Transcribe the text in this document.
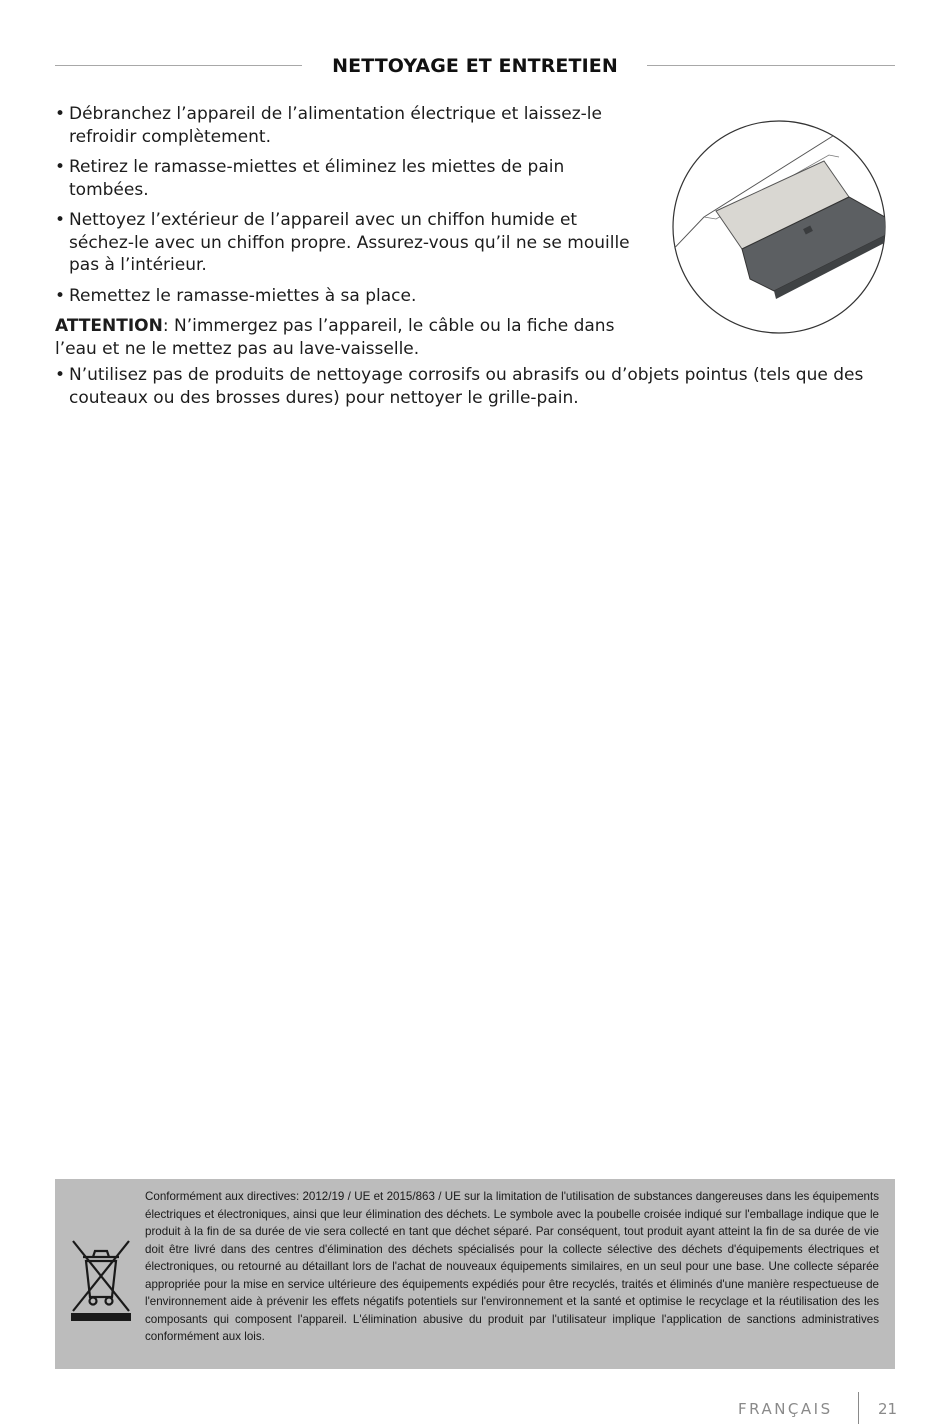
NETTOYAGE ET ENTRETIEN
• Débranchez l’appareil de l’alimentation électrique et laissez-le refroidir complètement.
• Retirez le ramasse-miettes et éliminez les miettes de pain tombées.
• Nettoyez l’extérieur de l’appareil avec un chiffon humide et séchez-le avec un chiffon propre. Assurez-vous qu’il ne se mouille pas à l’intérieur.
• Remettez le ramasse-miettes à sa place.
ATTENTION: N’immergez pas l’appareil, le câble ou la fiche dans l’eau et ne le mettez pas au lave-vaisselle.
• N’utilisez pas de produits de nettoyage corrosifs ou abrasifs ou d’objets pointus (tels que des couteaux ou des brosses dures) pour nettoyer le grille-pain.
Conformément aux directives: 2012/19 / UE et 2015/863 / UE sur la limitation de l'utilisation de substances dangereuses dans les équipements électriques et électroniques, ainsi que leur élimination des déchets. Le symbole avec la poubelle croisée indiqué sur l'emballage indique que le produit à la fin de sa durée de vie sera collecté en tant que déchet séparé. Par conséquent, tout produit ayant atteint la fin de sa durée de vie doit être livré dans des centres d'élimination des déchets spécialisés pour la collecte sélective des déchets d'équipements électriques et électroniques, ou retourné au détaillant lors de l'achat de nouveaux équipements similaires, en un seul pour une base. Une collecte séparée appropriée pour la mise en service ultérieure des équipements expédiés pour être recyclés, traités et éliminés d'une manière respectueuse de l'environnement aide à prévenir les effets négatifs potentiels sur l'environnement et la santé et optimise le recyclage et la réutilisation des les composants qui composent l'appareil. L'élimination abusive du produit par l'utilisateur implique l'application de sanctions administratives conformément aux lois.
FRANÇAIS	21
